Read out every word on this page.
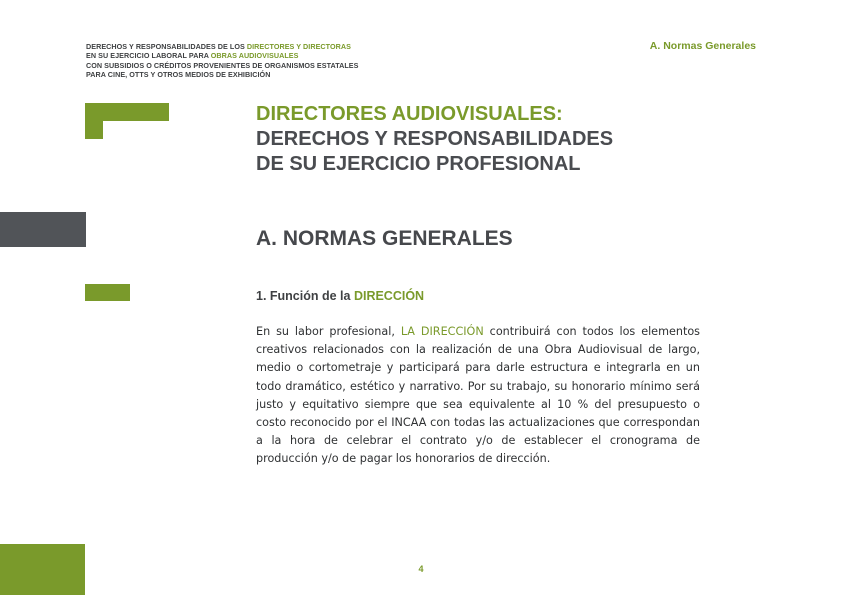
DERECHOS Y RESPONSABILIDADES DE LOS DIRECTORES Y DIRECTORAS
EN SU EJERCICIO LABORAL PARA OBRAS AUDIOVISUALES
CON SUBSIDIOS O CRÉDITOS PROVENIENTES DE ORGANISMOS ESTATALES
PARA CINE, OTTS Y OTROS MEDIOS DE EXHIBICIÓN
A. Normas Generales
DIRECTORES AUDIOVISUALES:
DERECHOS Y RESPONSABILIDADES
DE SU EJERCICIO PROFESIONAL
A. NORMAS GENERALES
1. Función de la DIRECCIÓN

En su labor profesional, LA DIRECCIÓN contribuirá con todos los elementos creativos relacionados con la realización de una Obra Audiovisual de largo, medio o cortometraje y participará para darle estructura e integrarla en un todo dramático, estético y narrativo. Por su trabajo, su honorario mínimo será justo y equitativo siempre que sea equivalente al 10 % del presupuesto o costo reconocido por el INCAA con todas las actualizaciones que correspondan a la hora de celebrar el contrato y/o de establecer el cronograma de producción y/o de pagar los honorarios de dirección.

4
